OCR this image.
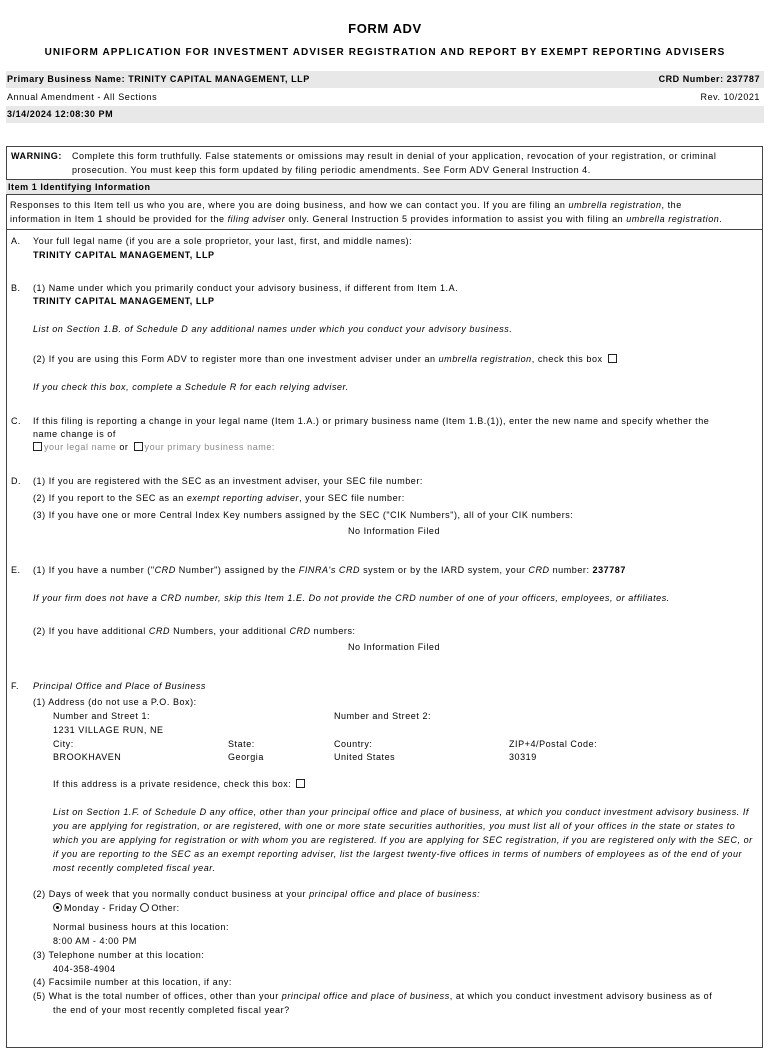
FORM ADV
UNIFORM APPLICATION FOR INVESTMENT ADVISER REGISTRATION AND REPORT BY EXEMPT REPORTING ADVISERS
Primary Business Name: TRINITY CAPITAL MANAGEMENT, LLP	CRD Number: 237787
Annual Amendment - All Sections	Rev. 10/2021
3/14/2024 12:08:30 PM
WARNING: Complete this form truthfully. False statements or omissions may result in denial of your application, revocation of your registration, or criminal
prosecution. You must keep this form updated by filing periodic amendments. See Form ADV General Instruction 4.
Item 1 Identifying Information
Responses to this Item tell us who you are, where you are doing business, and how we can contact you. If you are filing an umbrella registration, the
information in Item 1 should be provided for the filing adviser only. General Instruction 5 provides information to assist you with filing an umbrella registration.
A. Your full legal name (if you are a sole proprietor, your last, first, and middle names):
TRINITY CAPITAL MANAGEMENT, LLP
B. (1) Name under which you primarily conduct your advisory business, if different from Item 1.A.
TRINITY CAPITAL MANAGEMENT, LLP
List on Section 1.B. of Schedule D any additional names under which you conduct your advisory business.
(2) If you are using this Form ADV to register more than one investment adviser under an umbrella registration, check this box
If you check this box, complete a Schedule R for each relying adviser.
C. If this filing is reporting a change in your legal name (Item 1.A.) or primary business name (Item 1.B.(1)), enter the new name and specify whether the
name change is of
your legal name or your primary business name:
D. (1) If you are registered with the SEC as an investment adviser, your SEC file number:
(2) If you report to the SEC as an exempt reporting adviser, your SEC file number:
(3) If you have one or more Central Index Key numbers assigned by the SEC ("CIK Numbers"), all of your CIK numbers:
No Information Filed
E. (1) If you have a number ("CRD Number") assigned by the FINRA's CRD system or by the IARD system, your CRD number: 237787
If your firm does not have a CRD number, skip this Item 1.E. Do not provide the CRD number of one of your officers, employees, or affiliates.
(2) If you have additional CRD Numbers, your additional CRD numbers:
No Information Filed
F. Principal Office and Place of Business
(1) Address (do not use a P.O. Box):
Number and Street 1:	Number and Street 2:
1231 VILLAGE RUN, NE
City:	State:	Country:	ZIP+4/Postal Code:
BROOKHAVEN	Georgia	United States	30319
If this address is a private residence, check this box:
List on Section 1.F. of Schedule D any office, other than your principal office and place of business, at which you conduct investment advisory business. If
you are applying for registration, or are registered, with one or more state securities authorities, you must list all of your offices in the state or states to
which you are applying for registration or with whom you are registered. If you are applying for SEC registration, if you are registered only with the SEC, or
if you are reporting to the SEC as an exempt reporting adviser, list the largest twenty-five offices in terms of numbers of employees as of the end of your
most recently completed fiscal year.
(2) Days of week that you normally conduct business at your principal office and place of business:
Monday - Friday Other:
Normal business hours at this location:
8:00 AM - 4:00 PM
(3) Telephone number at this location:
404-358-4904
(4) Facsimile number at this location, if any:
(5) What is the total number of offices, other than your principal office and place of business, at which you conduct investment advisory business as of
the end of your most recently completed fiscal year?
